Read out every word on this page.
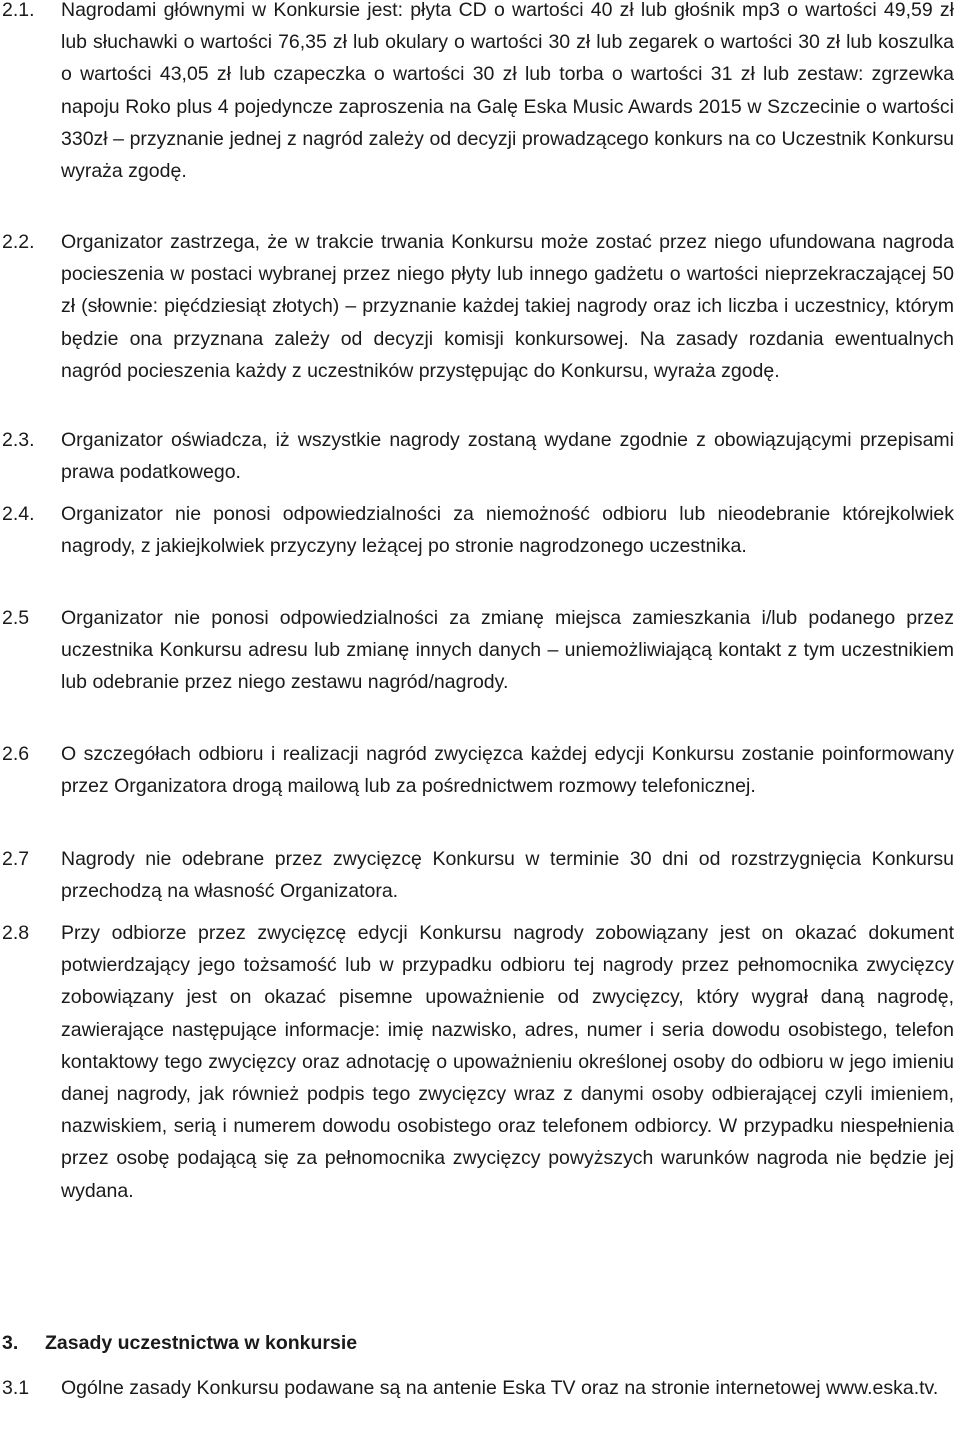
2.1.	Nagrodami głównymi w Konkursie jest: płyta CD o wartości 40 zł lub głośnik mp3 o wartości 49,59 zł lub słuchawki o wartości 76,35 zł lub okulary o wartości 30 zł lub zegarek o wartości 30 zł lub koszulka o wartości 43,05 zł lub czapeczka o wartości 30 zł lub torba o wartości 31 zł lub zestaw: zgrzewka napoju Roko plus 4 pojedyncze zaproszenia na Galę Eska Music Awards 2015 w Szczecinie o wartości 330zł – przyznanie jednej z nagród zależy od decyzji prowadzącego konkurs na co Uczestnik Konkursu wyraża zgodę.
2.2.	Organizator zastrzega, że w trakcie trwania Konkursu może zostać przez niego ufundowana nagroda pocieszenia w postaci wybranej przez niego płyty lub innego gadżetu o wartości nieprzekraczającej 50 zł (słownie: pięćdziesiąt złotych) – przyznanie każdej takiej nagrody oraz ich liczba i uczestnicy, którym będzie ona przyznana zależy od decyzji komisji konkursowej. Na zasady rozdania ewentualnych nagród pocieszenia każdy z uczestników przystępując do Konkursu, wyraża zgodę.
2.3.	Organizator oświadcza, iż wszystkie nagrody zostaną wydane zgodnie z obowiązującymi przepisami prawa podatkowego.
2.4.	Organizator nie ponosi odpowiedzialności za niemożność odbioru lub nieodebranie którejkolwiek nagrody, z jakiejkolwiek przyczyny leżącej po stronie nagrodzonego uczestnika.
2.5	Organizator nie ponosi odpowiedzialności za zmianę miejsca zamieszkania i/lub podanego przez uczestnika Konkursu adresu lub zmianę innych danych – uniemożliwiającą kontakt z tym uczestnikiem lub odebranie przez niego zestawu nagród/nagrody.
2.6	O szczegółach odbioru i realizacji nagród zwycięzca każdej edycji Konkursu zostanie poinformowany przez Organizatora drogą mailową lub za pośrednictwem rozmowy telefonicznej.
2.7	Nagrody nie odebrane przez zwycięzcę Konkursu w terminie 30 dni od rozstrzygnięcia Konkursu przechodzą na własność Organizatora.
2.8	Przy odbiorze przez zwycięzcę edycji Konkursu nagrody zobowiązany jest on okazać dokument potwierdzający jego tożsamość lub w przypadku odbioru tej nagrody przez pełnomocnika zwycięzcy zobowiązany jest on okazać pisemne upoważnienie od zwycięzcy, który wygrał daną nagrodę, zawierające następujące informacje: imię nazwisko, adres, numer i seria dowodu osobistego, telefon kontaktowy tego zwycięzcy oraz adnotację o upoważnieniu określonej osoby do odbioru w jego imieniu danej nagrody, jak również podpis tego zwycięzcy wraz z danymi osoby odbierającej czyli imieniem, nazwiskiem, serią i numerem dowodu osobistego oraz telefonem odbiorcy. W przypadku niespełnienia przez osobę podającą się za pełnomocnika zwycięzcy powyższych warunków nagroda nie będzie jej wydana.
3.	Zasady uczestnictwa w konkursie
3.1	Ogólne zasady Konkursu podawane są na antenie Eska TV oraz na stronie internetowej www.eska.tv.
